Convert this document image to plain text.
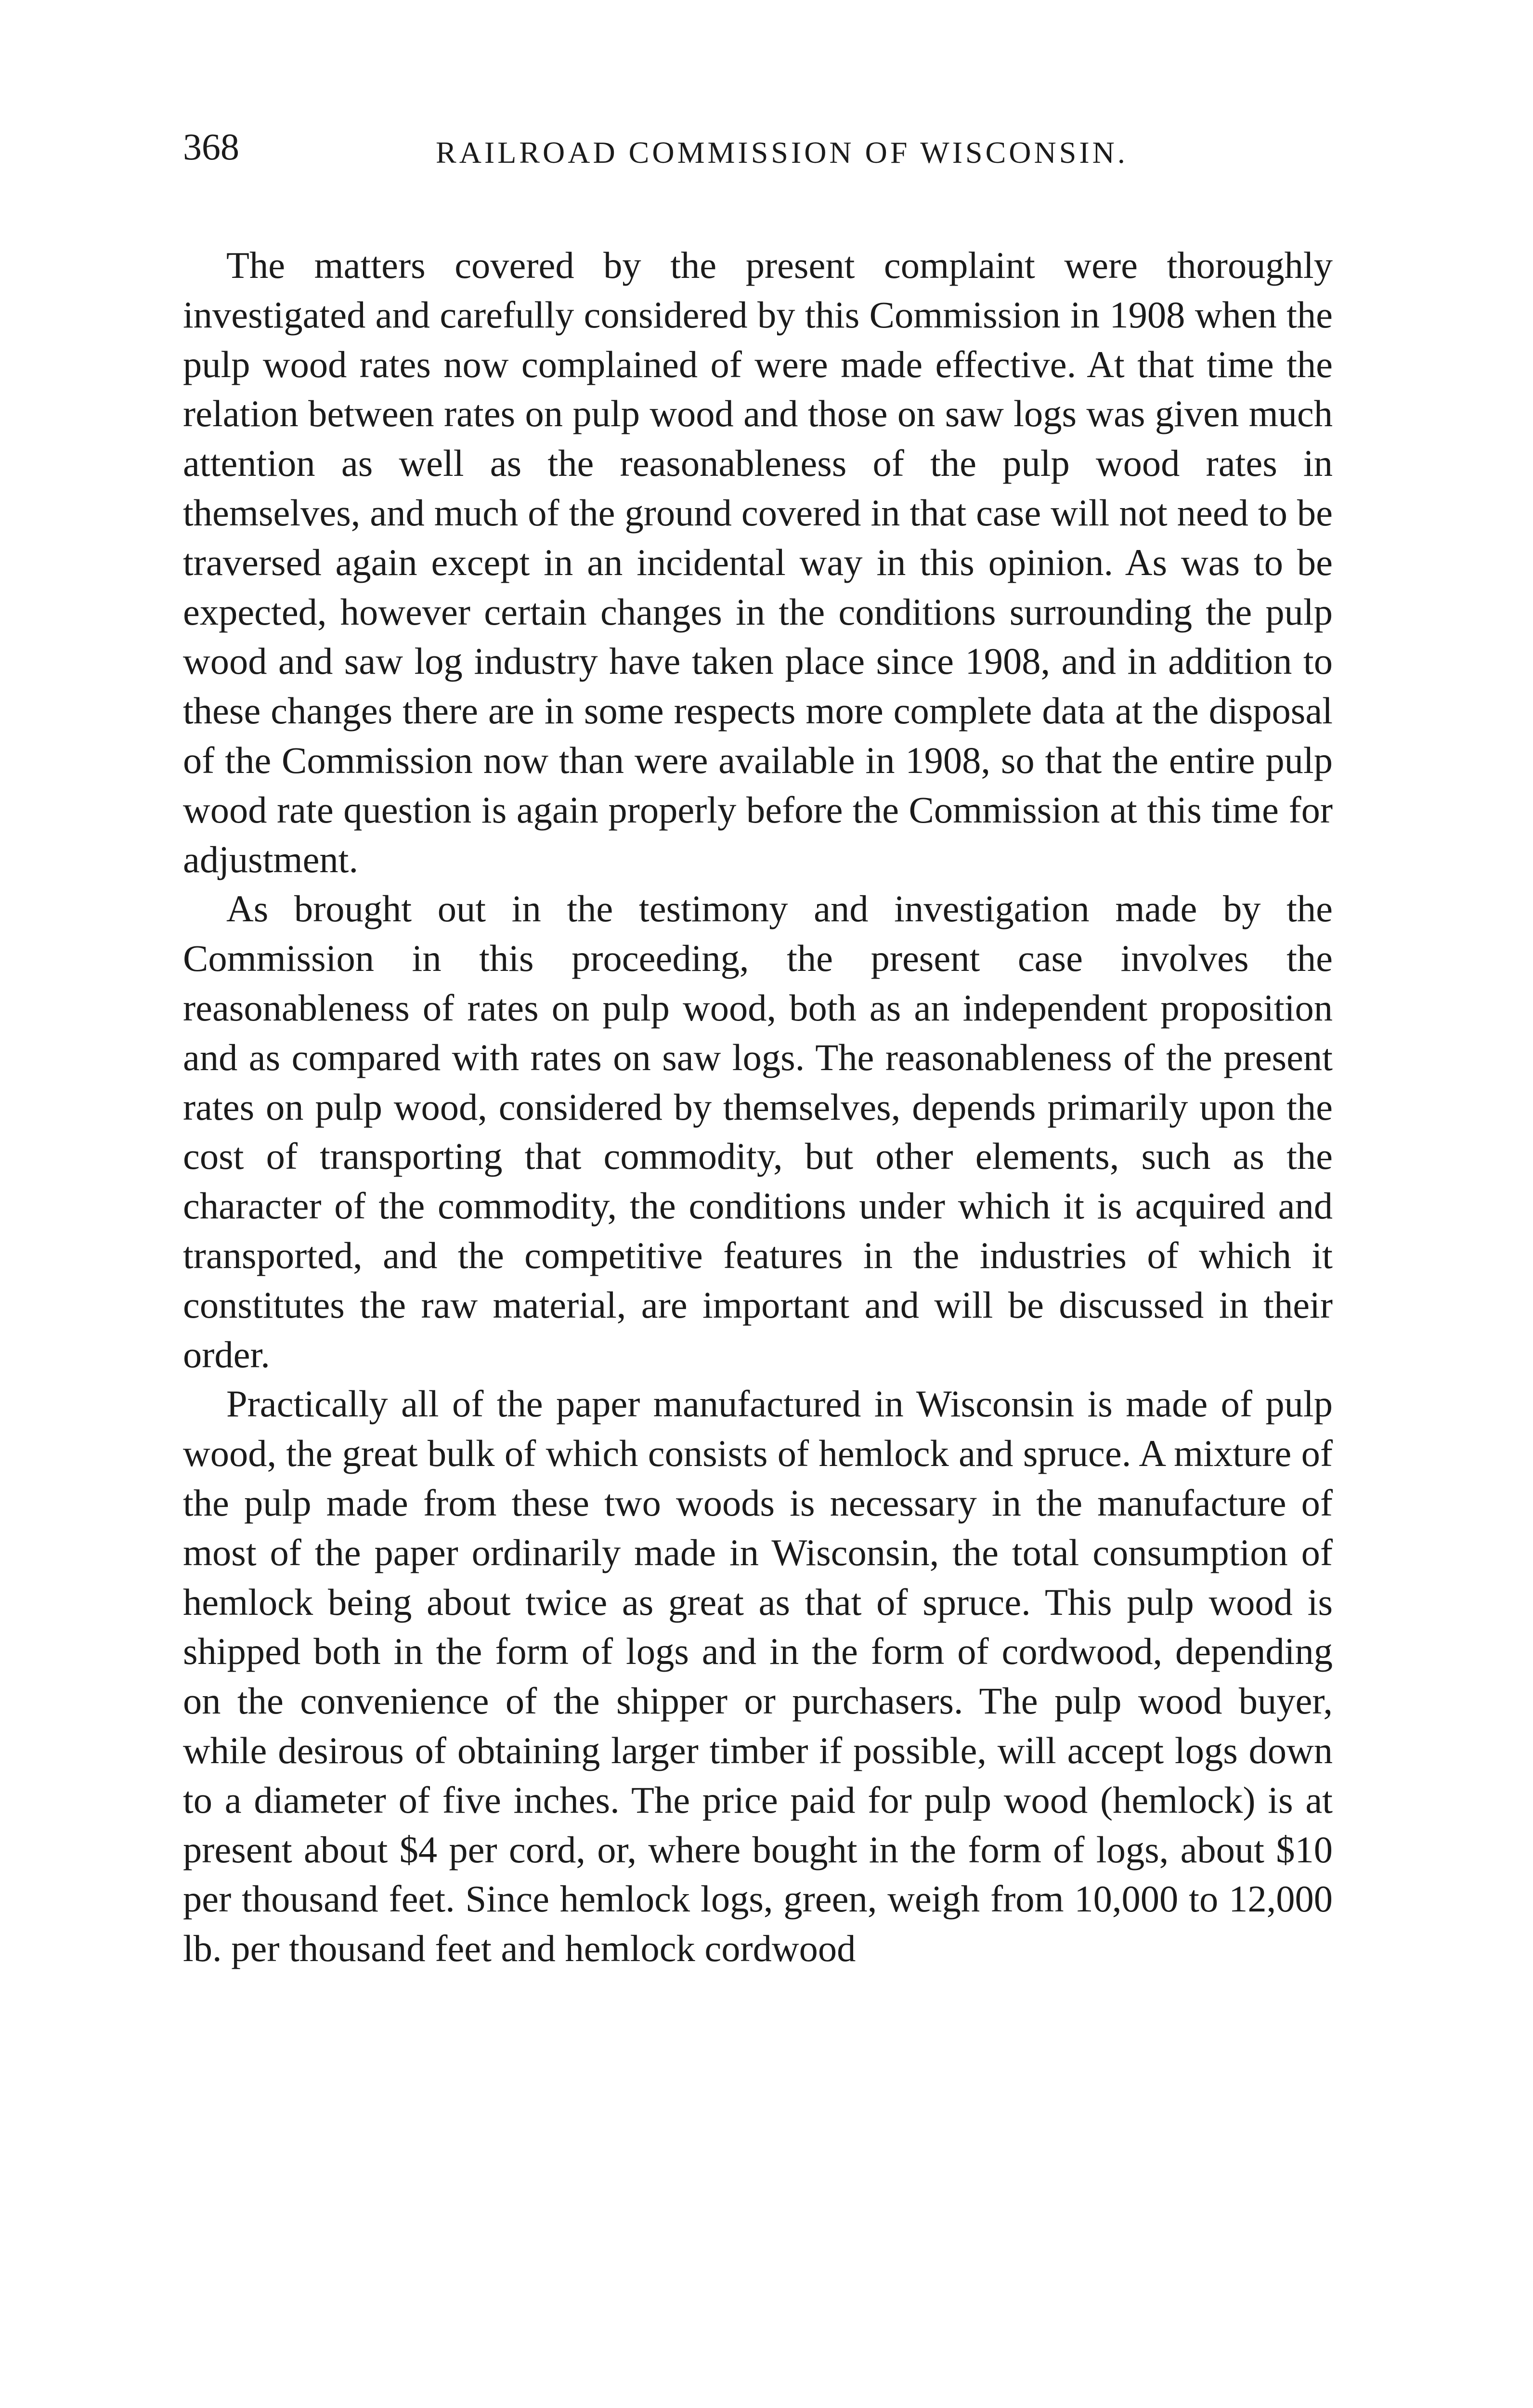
368	RAILROAD COMMISSION OF WISCONSIN.

The matters covered by the present complaint were thoroughly investigated and carefully considered by this Commission in 1908 when the pulp wood rates now complained of were made effective. At that time the relation between rates on pulp wood and those on saw logs was given much attention as well as the reasonableness of the pulp wood rates in themselves, and much of the ground covered in that case will not need to be traversed again except in an incidental way in this opinion. As was to be expected, however certain changes in the conditions surrounding the pulp wood and saw log industry have taken place since 1908, and in addition to these changes there are in some respects more complete data at the disposal of the Commission now than were available in 1908, so that the entire pulp wood rate question is again properly before the Commission at this time for adjustment.

As brought out in the testimony and investigation made by the Commission in this proceeding, the present case involves the reasonableness of rates on pulp wood, both as an independent proposition and as compared with rates on saw logs. The reasonableness of the present rates on pulp wood, considered by themselves, depends primarily upon the cost of transporting that commodity, but other elements, such as the character of the commodity, the conditions under which it is acquired and transported, and the competitive features in the industries of which it constitutes the raw material, are important and will be discussed in their order.

Practically all of the paper manufactured in Wisconsin is made of pulp wood, the great bulk of which consists of hemlock and spruce. A mixture of the pulp made from these two woods is necessary in the manufacture of most of the paper ordinarily made in Wisconsin, the total consumption of hemlock being about twice as great as that of spruce. This pulp wood is shipped both in the form of logs and in the form of cordwood, depending on the convenience of the shipper or purchasers. The pulp wood buyer, while desirous of obtaining larger timber if possible, will accept logs down to a diameter of five inches. The price paid for pulp wood (hemlock) is at present about $4 per cord, or, where bought in the form of logs, about $10 per thousand feet. Since hemlock logs, green, weigh from 10,000 to 12,000 lb. per thousand feet and hemlock cordwood
